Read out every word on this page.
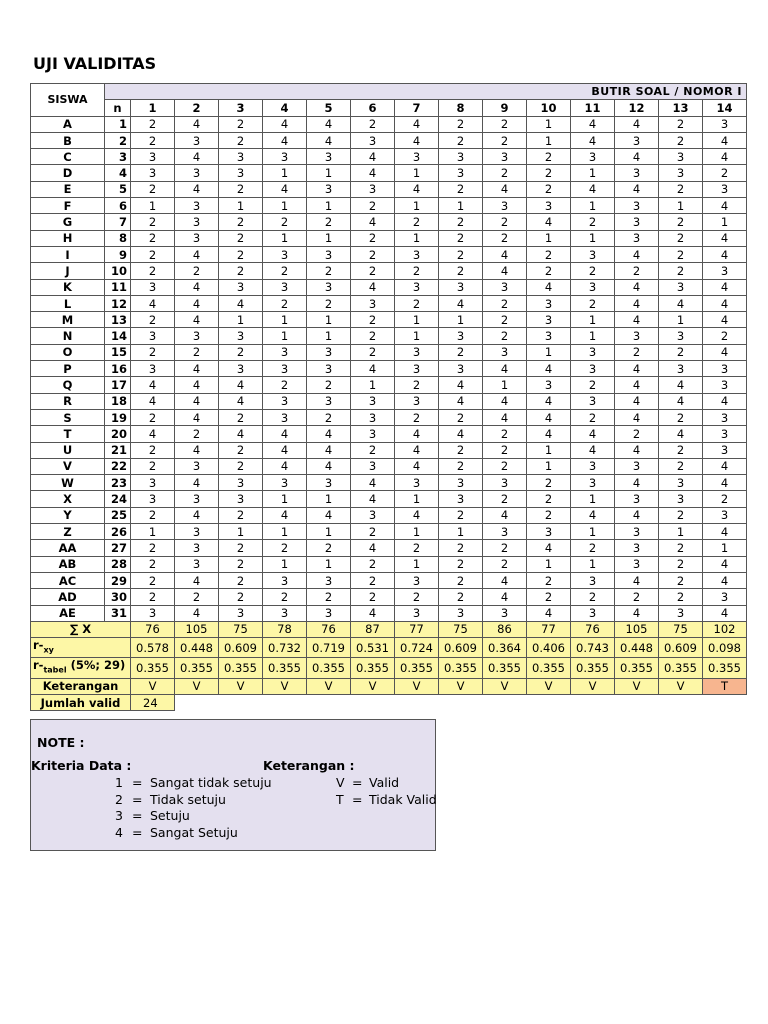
UJI VALIDITAS
SISWA	BUTIR SOAL / NOMOR I														
	n	1	2	3	4	5	6	7	8	9	10	11	12	13	14
A	1	2	4	2	4	4	2	4	2	2	1	4	4	2	3
B	2	2	3	2	4	4	3	4	2	2	1	4	3	2	4
C	3	3	4	3	3	3	4	3	3	3	2	3	4	3	4
D	4	3	3	3	1	1	4	1	3	2	2	1	3	3	2
E	5	2	4	2	4	3	3	4	2	4	2	4	4	2	3
F	6	1	3	1	1	1	2	1	1	3	3	1	3	1	4
G	7	2	3	2	2	2	4	2	2	2	4	2	3	2	1
H	8	2	3	2	1	1	2	1	2	2	1	1	3	2	4
I	9	2	4	2	3	3	2	3	2	4	2	3	4	2	4
J	10	2	2	2	2	2	2	2	2	4	2	2	2	2	3
K	11	3	4	3	3	3	4	3	3	3	4	3	4	3	4
L	12	4	4	4	2	2	3	2	4	2	3	2	4	4	4
M	13	2	4	1	1	1	2	1	1	2	3	1	4	1	4
N	14	3	3	3	1	1	2	1	3	2	3	1	3	3	2
O	15	2	2	2	3	3	2	3	2	3	1	3	2	2	4
P	16	3	4	3	3	3	4	3	3	4	4	3	4	3	3
Q	17	4	4	4	2	2	1	2	4	1	3	2	4	4	3
R	18	4	4	4	3	3	3	3	4	4	4	3	4	4	4
S	19	2	4	2	3	2	3	2	2	4	4	2	4	2	3
T	20	4	2	4	4	4	3	4	4	2	4	4	2	4	3
U	21	2	4	2	4	4	2	4	2	2	1	4	4	2	3
V	22	2	3	2	4	4	3	4	2	2	1	3	3	2	4
W	23	3	4	3	3	3	4	3	3	3	2	3	4	3	4
X	24	3	3	3	1	1	4	1	3	2	2	1	3	3	2
Y	25	2	4	2	4	4	3	4	2	4	2	4	4	2	3
Z	26	1	3	1	1	1	2	1	1	3	3	1	3	1	4
AA	27	2	3	2	2	2	4	2	2	2	4	2	3	2	1
AB	28	2	3	2	1	1	2	1	2	2	1	1	3	2	4
AC	29	2	4	2	3	3	2	3	2	4	2	3	4	2	4
AD	30	2	2	2	2	2	2	2	2	4	2	2	2	2	3
AE	31	3	4	3	3	3	4	3	3	3	4	3	4	3	4
∑ X		76	105	75	78	76	87	77	75	86	77	76	105	75	102
$r-_{xy}$		0.578	0.448	0.609	0.732	0.719	0.531	0.724	0.609	0.364	0.406	0.743	0.448	0.609	0.098
$r-_{tabel}$ (5%; 29)		0.355	0.355	0.355	0.355	0.355	0.355	0.355	0.355	0.355	0.355	0.355	0.355	0.355	0.355
Keterangan		V	V	V	V	V	V	V	V	V	V	V	V	V	T
Jumlah valid		24													
NOTE :
Kriteria Data :	Keterangan :
1 = Sangat tidak setuju
2 = Tidak setuju
3 = Setuju
4 = Sangat Setuju
V = Valid
T = Tidak Valid
